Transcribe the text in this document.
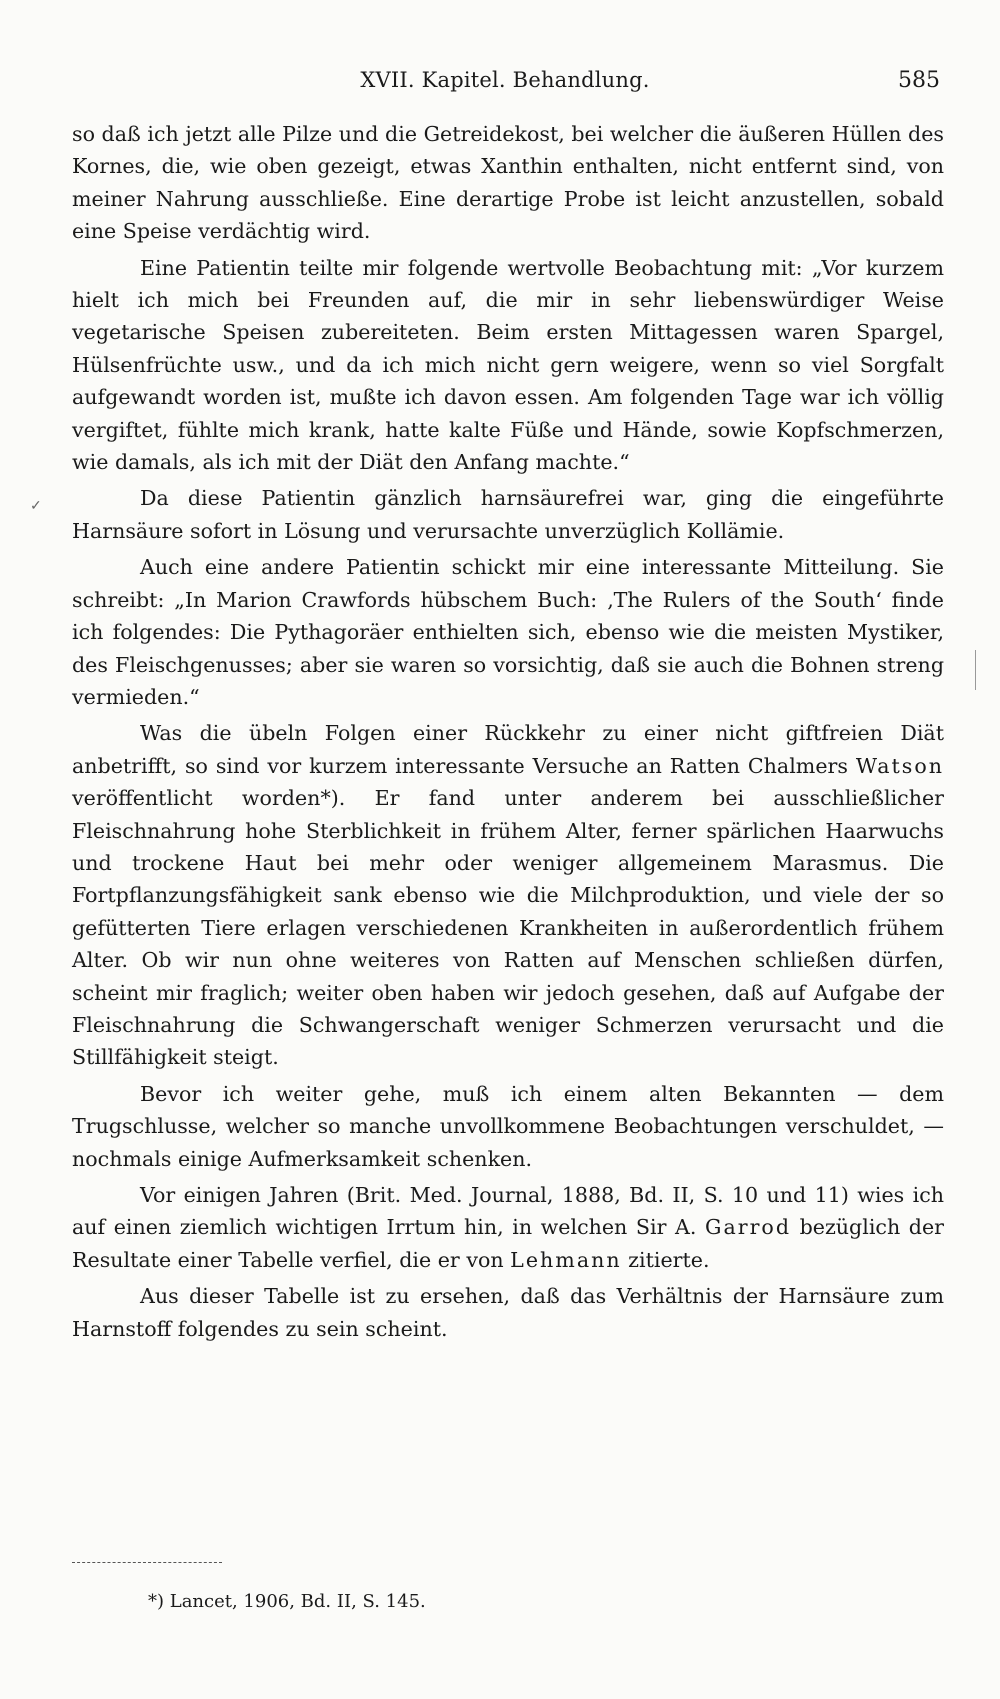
XVII. Kapitel. Behandlung.	585

so daß ich jetzt alle Pilze und die Getreidekost, bei welcher die äußeren Hüllen des Kornes, die, wie oben gezeigt, etwas Xanthin enthalten, nicht entfernt sind, von meiner Nahrung ausschließe. Eine derartige Probe ist leicht anzustellen, sobald eine Speise verdächtig wird.

Eine Patientin teilte mir folgende wertvolle Beobachtung mit: „Vor kurzem hielt ich mich bei Freunden auf, die mir in sehr liebenswürdiger Weise vegetarische Speisen zubereiteten. Beim ersten Mittagessen waren Spargel, Hülsenfrüchte usw., und da ich mich nicht gern weigere, wenn so viel Sorgfalt aufgewandt worden ist, mußte ich davon essen. Am folgenden Tage war ich völlig vergiftet, fühlte mich krank, hatte kalte Füße und Hände, sowie Kopfschmerzen, wie damals, als ich mit der Diät den Anfang machte.“

Da diese Patientin gänzlich harnsäurefrei war, ging die eingeführte Harnsäure sofort in Lösung und verursachte unverzüglich Kollämie.

Auch eine andere Patientin schickt mir eine interessante Mitteilung. Sie schreibt: „In Marion Crawfords hübschem Buch: ‚The Rulers of the South‘ finde ich folgendes: Die Pythagoräer enthielten sich, ebenso wie die meisten Mystiker, des Fleischgenusses; aber sie waren so vorsichtig, daß sie auch die Bohnen streng vermieden.“

Was die übeln Folgen einer Rückkehr zu einer nicht giftfreien Diät anbetrifft, so sind vor kurzem interessante Versuche an Ratten Chalmers Watson veröffentlicht worden*). Er fand unter anderem bei ausschließlicher Fleischnahrung hohe Sterblichkeit in frühem Alter, ferner spärlichen Haarwuchs und trockene Haut bei mehr oder weniger allgemeinem Marasmus. Die Fortpflanzungsfähigkeit sank ebenso wie die Milchproduktion, und viele der so gefütterten Tiere erlagen verschiedenen Krankheiten in außerordentlich frühem Alter. Ob wir nun ohne weiteres von Ratten auf Menschen schließen dürfen, scheint mir fraglich; weiter oben haben wir jedoch gesehen, daß auf Aufgabe der Fleischnahrung die Schwangerschaft weniger Schmerzen verursacht und die Stillfähigkeit steigt.

Bevor ich weiter gehe, muß ich einem alten Bekannten — dem Trugschlusse, welcher so manche unvollkommene Beobachtungen verschuldet, — nochmals einige Aufmerksamkeit schenken.

Vor einigen Jahren (Brit. Med. Journal, 1888, Bd. II, S. 10 und 11) wies ich auf einen ziemlich wichtigen Irrtum hin, in welchen Sir A. Garrod bezüglich der Resultate einer Tabelle verfiel, die er von Lehmann zitierte.

Aus dieser Tabelle ist zu ersehen, daß das Verhältnis der Harnsäure zum Harnstoff folgendes zu sein scheint.

*) Lancet, 1906, Bd. II, S. 145.
✓
